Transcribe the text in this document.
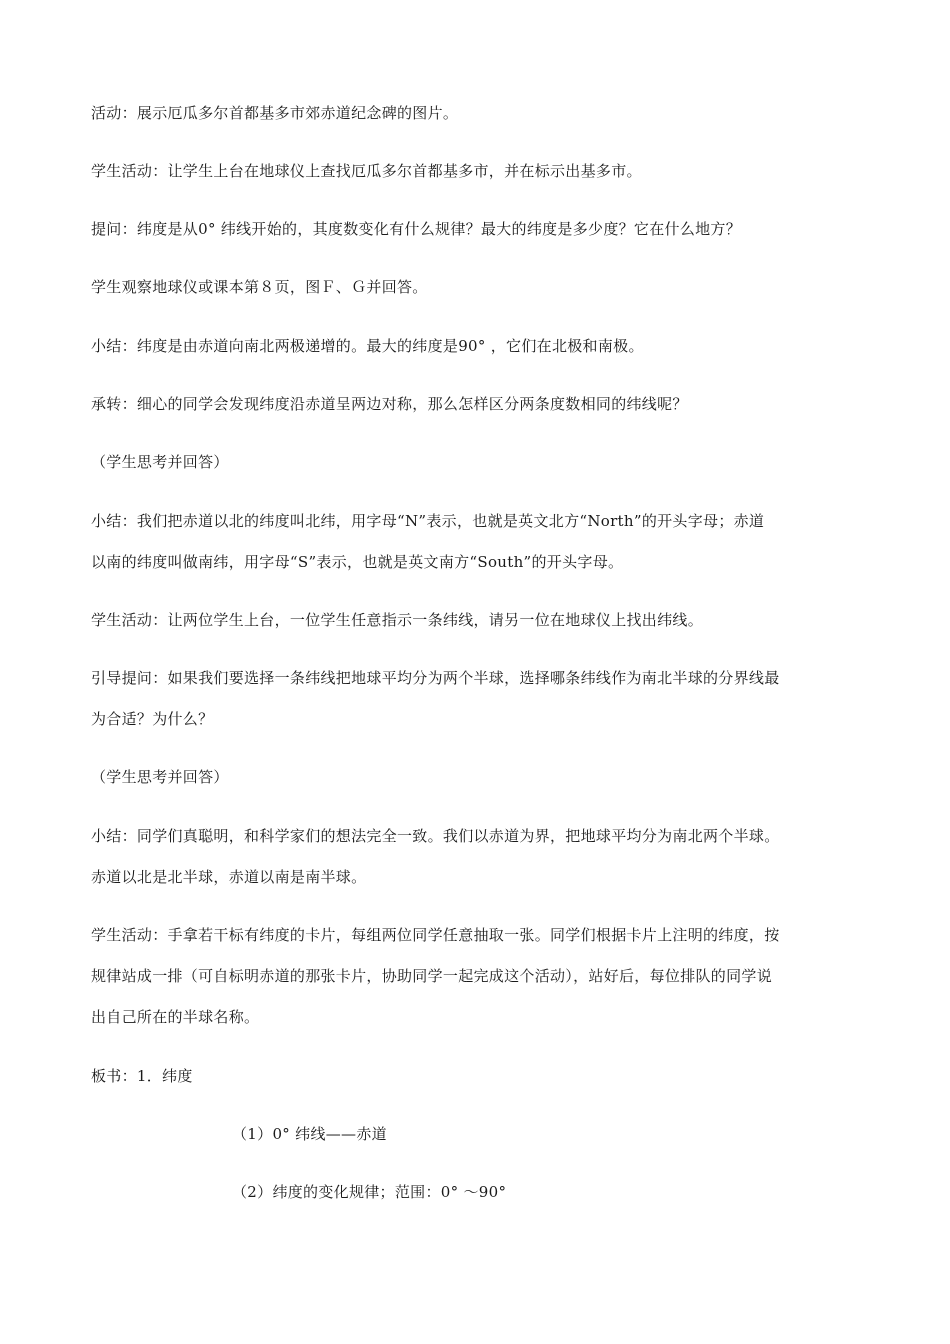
活动：展示厄瓜多尔首都基多市郊赤道纪念碑的图片。
学生活动：让学生上台在地球仪上查找厄瓜多尔首都基多市，并在标示出基多市。
提问：纬度是从0° 纬线开始的，其度数变化有什么规律？最大的纬度是多少度？它在什么地方？
学生观察地球仪或课本第８页，图Ｆ、Ｇ并回答。
小结：纬度是由赤道向南北两极递增的。最大的纬度是90° ，它们在北极和南极。
承转：细心的同学会发现纬度沿赤道呈两边对称，那么怎样区分两条度数相同的纬线呢？
（学生思考并回答）
小结：我们把赤道以北的纬度叫北纬，用字母“N”表示，也就是英文北方“North”的开头字母；赤道
以南的纬度叫做南纬，用字母“S”表示，也就是英文南方“South”的开头字母。
学生活动：让两位学生上台，一位学生任意指示一条纬线，请另一位在地球仪上找出纬线。
引导提问：如果我们要选择一条纬线把地球平均分为两个半球，选择哪条纬线作为南北半球的分界线最
为合适？为什么？
（学生思考并回答）
小结：同学们真聪明，和科学家们的想法完全一致。我们以赤道为界，把地球平均分为南北两个半球。
赤道以北是北半球，赤道以南是南半球。
学生活动：手拿若干标有纬度的卡片，每组两位同学任意抽取一张。同学们根据卡片上注明的纬度，按
规律站成一排（可自标明赤道的那张卡片，协助同学一起完成这个活动），站好后，每位排队的同学说
出自己所在的半球名称。
板书：1．纬度
（1）0° 纬线——赤道
（2）纬度的变化规律；范围：0° ～90°
